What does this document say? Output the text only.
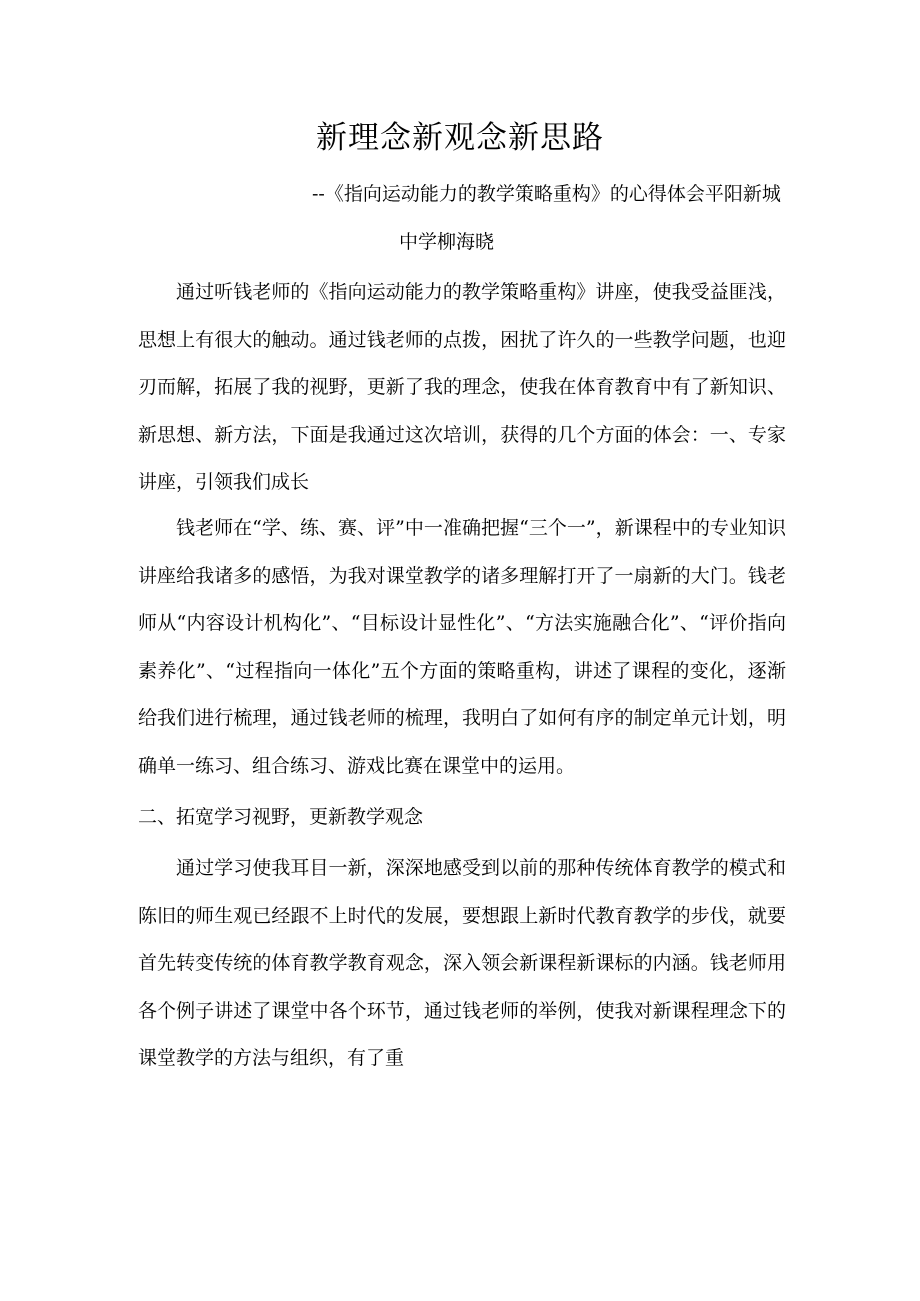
新理念新观念新思路

--《指向运动能力的教学策略重构》的心得体会平阳新城

中学柳海晓

通过听钱老师的《指向运动能力的教学策略重构》讲座，使我受益匪浅，思想上有很大的触动。通过钱老师的点拨，困扰了许久的一些教学问题，也迎刃而解，拓展了我的视野，更新了我的理念，使我在体育教育中有了新知识、新思想、新方法，下面是我通过这次培训，获得的几个方面的体会：一、专家讲座，引领我们成长

钱老师在“学、练、赛、评”中一准确把握“三个一”，新课程中的专业知识讲座给我诸多的感悟，为我对课堂教学的诸多理解打开了一扇新的大门。钱老师从“内容设计机构化”、“目标设计显性化”、“方法实施融合化”、“评价指向素养化”、“过程指向一体化”五个方面的策略重构，讲述了课程的变化，逐渐给我们进行梳理，通过钱老师的梳理，我明白了如何有序的制定单元计划，明确单一练习、组合练习、游戏比赛在课堂中的运用。

二、拓宽学习视野，更新教学观念

通过学习使我耳目一新，深深地感受到以前的那种传统体育教学的模式和陈旧的师生观已经跟不上时代的发展，要想跟上新时代教育教学的步伐，就要首先转变传统的体育教学教育观念，深入领会新课程新课标的内涵。钱老师用各个例子讲述了课堂中各个环节，通过钱老师的举例，使我对新课程理念下的课堂教学的方法与组织，有了重
